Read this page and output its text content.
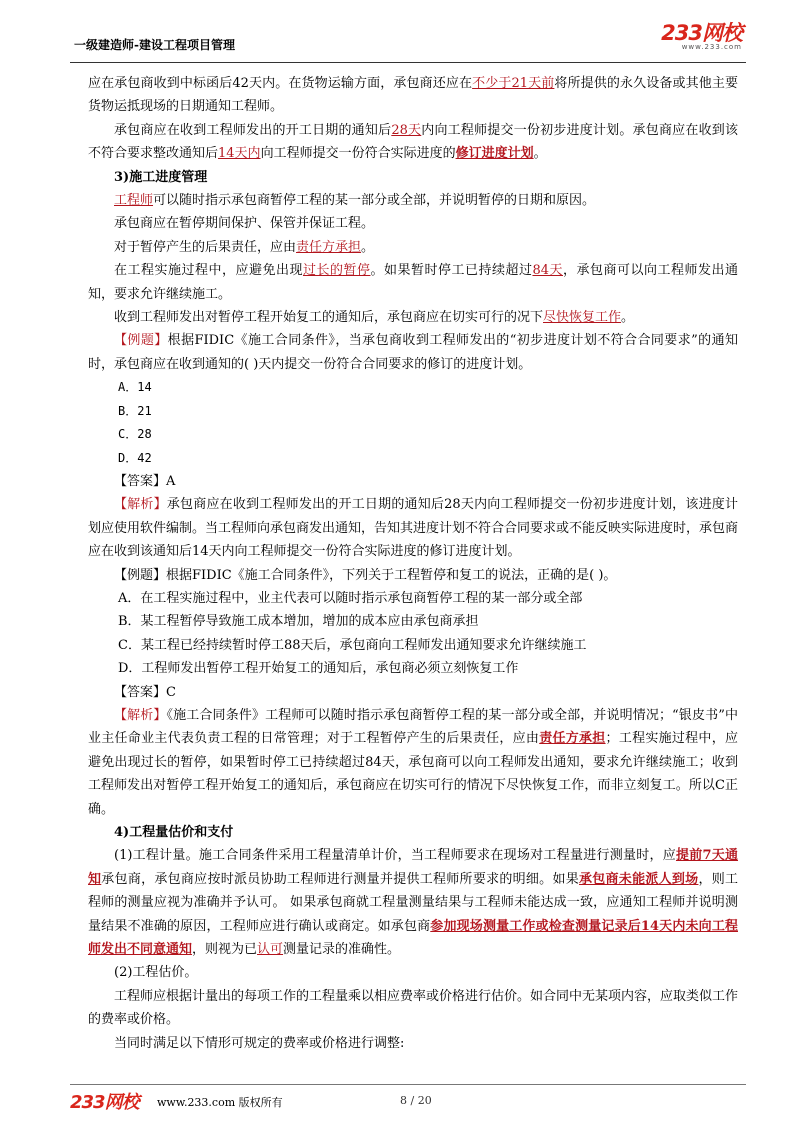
一级建造师-建设工程项目管理	233网校
www.233.com

应在承包商收到中标函后42天内。在货物运输方面，承包商还应在不少于21天前将所提供的永久设备或其他主要货物运抵现场的日期通知工程师。

承包商应在收到工程师发出的开工日期的通知后28天内向工程师提交一份初步进度计划。承包商应在收到该不符合要求整改通知后14天内向工程师提交一份符合实际进度的修订进度计划。

3)施工进度管理

工程师可以随时指示承包商暂停工程的某一部分或全部，并说明暂停的日期和原因。

承包商应在暂停期间保护、保管并保证工程。

对于暂停产生的后果责任，应由责任方承担。

在工程实施过程中，应避免出现过长的暂停。如果暂时停工已持续超过84天，承包商可以向工程师发出通知，要求允许继续施工。

收到工程师发出对暂停工程开始复工的通知后，承包商应在切实可行的况下尽快恢复工作。

【例题】根据FIDIC《施工合同条件》，当承包商收到工程师发出的“初步进度计划不符合合同要求”的通知时，承包商应在收到通知的( )天内提交一份符合合同要求的修订的进度计划。

A．14

B．21

C．28

D．42

【答案】A

【解析】承包商应在收到工程师发出的开工日期的通知后28天内向工程师提交一份初步进度计划，该进度计划应使用软件编制。当工程师向承包商发出通知，告知其进度计划不符合合同要求或不能反映实际进度时，承包商应在收到该通知后14天内向工程师提交一份符合实际进度的修订进度计划。

【例题】根据FIDIC《施工合同条件》，下列关于工程暂停和复工的说法，正确的是( )。

A．在工程实施过程中，业主代表可以随时指示承包商暂停工程的某一部分或全部

B．某工程暂停导致施工成本增加，增加的成本应由承包商承担

C．某工程已经持续暂时停工88天后，承包商向工程师发出通知要求允许继续施工

D．工程师发出暂停工程开始复工的通知后，承包商必须立刻恢复工作

【答案】C

【解析】《施工合同条件》工程师可以随时指示承包商暂停工程的某一部分或全部，并说明情况；“银皮书”中业主任命业主代表负责工程的日常管理；对于工程暂停产生的后果责任，应由责任方承担；工程实施过程中，应避免出现过长的暂停，如果暂时停工已持续超过84天，承包商可以向工程师发出通知，要求允许继续施工；收到工程师发出对暂停工程开始复工的通知后，承包商应在切实可行的情况下尽快恢复工作，而非立刻复工。所以C正确。

4)工程量估价和支付

(1)工程计量。施工合同条件采用工程量清单计价，当工程师要求在现场对工程量进行测量时，应提前7天通知承包商，承包商应按时派员协助工程师进行测量并提供工程师所要求的明细。如果承包商未能派人到场，则工程师的测量应视为准确并予认可。 如果承包商就工程量测量结果与工程师未能达成一致，应通知工程师并说明测量结果不准确的原因，工程师应进行确认或商定。如承包商参加现场测量工作或检查测量记录后14天内未向工程师发出不同意通知，则视为已认可测量记录的准确性。

(2)工程估价。

工程师应根据计量出的每项工作的工程量乘以相应费率或价格进行估价。如合同中无某项内容，应取类似工作的费率或价格。

当同时满足以下情形可规定的费率或价格进行调整:

233网校 www.233.com 版权所有	8 / 20
